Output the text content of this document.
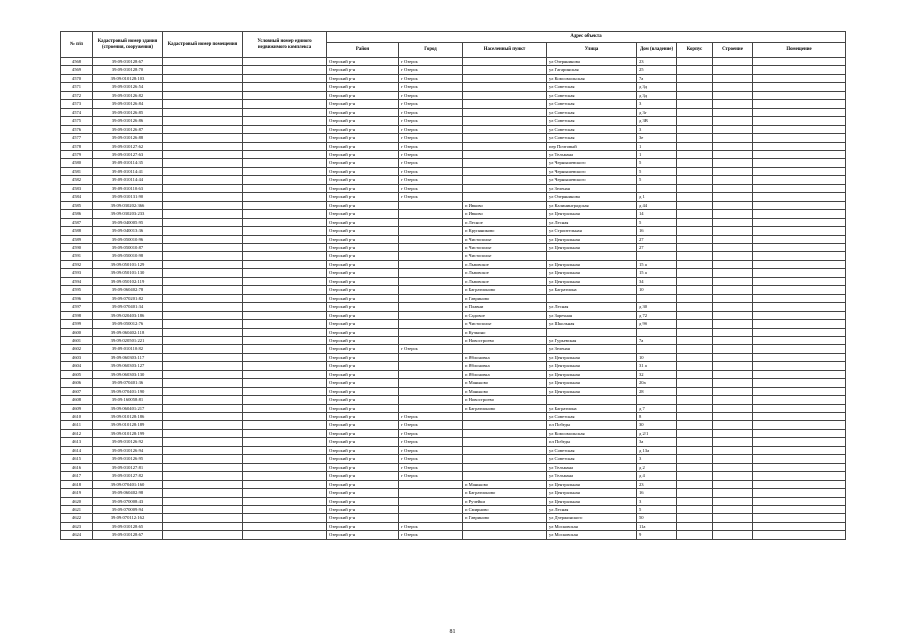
№ п/п	Кадастровый номер здания (строения, сооружения)	Кадастровый номер помещения	Условный номер единого недвижимого комплекса	Адрес объекта							
				Район	Город	Населенный пункт	Улица	Дом (владение)	Корпус	Строение	Помещение
4568	39:09:010128:67			Озерский р-н	г Озерск		ул Озерянинова	23			
4569	39:09:010128:70			Озерский р-н	г Озерск		ул Гагаринская	25			
4570	39:09:010128:103			Озерский р-н	г Озерск		ул Комсомольская	7а			
4571	39:09:010126:54			Озерский р-н	г Озерск		ул Советская	д 3д			
4572	39:09:010126:82			Озерский р-н	г Озерск		ул Советская	д 3д			
4573	39:09:010126:84			Озерский р-н	г Озерск		ул Советская	3			
4574	39:09:010126:85			Озерский р-н	г Озерск		ул Советская	д 3г			
4575	39:09:010126:86			Озерский р-н	г Озерск		ул Советская	д 3В			
4576	39:09:010126:87			Озерский р-н	г Озерск		ул Советская	3			
4577	39:09:010126:88			Озерский р-н	г Озерск		ул Советская	3е			
4578	39:09:010127:62			Озерский р-н	г Озерск		пер Почтовый	1			
4579	39:09:010127:63			Озерский р-н	г Озерск		ул Тельмана	1			
4580	39:09:010114:35			Озерский р-н	г Озерск		ул Чернышевского	5			
4581	39:09:010114:41			Озерский р-н	г Озерск		ул Чернышевского	5			
4582	39:09:010114:44			Озерский р-н	г Озерск		ул Чернышевского	5			
4583	39:09:010110:63			Озерский р-н	г Озерск		ул Зеленая				
4584	39:09:010131:90			Озерский р-н	г Озерск		ул Озерянинова	д 1			
4585	39:09:030202:366			Озерский р-н		п Ивково	ул Калининградская	д 44			
4586	39:09:030203:233			Озерский р-н		п Ивково	ул Центральная	14			
4587	39:09:040005:95			Озерский р-н		п Лесное	ул Лесная	5			
4588	39:09:040013:36			Озерский р-н		п Крупяниково	ул Строительная	16			
4589	39:09:050010:96			Озерский р-н		п Чистополье	ул Центральная	27			
4590	39:09:050010:87			Озерский р-н		п Чистополье	ул Центральная	27			
4591	39:09:050010:98			Озерский р-н		п Чистополье					
4592	39:09:050101:129			Озерский р-н		п Львовское	ул Центральная	15 а			
4593	39:09:050101:130			Озерский р-н		п Львовское	ул Центральная	15 а			
4594	39:09:050102:119			Озерский р-н		п Львовское	ул Центральная	34			
4595	39:09:060402:78			Озерский р-н		п Багратионово	ул Багратиона	10			
4596	39:09:070201:82			Озерский р-н		п Гавриново					
4597	39:09:070401:34			Озерский р-н		п Плавни	ул Лесная	д 30			
4598	39:09:020403:186			Озерский р-н		п Садовое	ул Заречная	д 72			
4599	39:09:050012:76			Озерский р-н		п Чистополье	ул Школьная	д 9б			
4600	39:09:060402:118			Озерский р-н		п Кучкино					
4601	39:09:020501:221			Озерский р-н		п Новостроево	ул Гурьевская	7а			
4602	39:09:010110:82			Озерский р-н	г Озерск		ул Зеленая				
4603	39:09:060303:117			Озерский р-н		п Яблоновка	ул Центральная	10			
4604	39:09:060303:127			Озерский р-н		п Яблоновка	ул Центральная	31 а			
4605	39:09:060303:130			Озерский р-н		п Яблоновка	ул Центральная	32			
4606	39:09:070401:36			Озерский р-н		п Маньково	ул Центральная	20а			
4607	39:09:070401:190			Озерский р-н		п Маньково	ул Центральная	28			
4608	39:09:160058:81			Озерский р-н		п Новостроево					
4609	39:09:060401:217			Озерский р-н		п Багратионово	ул Багратиона	д 7			
4610	39:09:010128:186			Озерский р-н	г Озерск		ул Советская	8			
4611	39:09:010128:189			Озерский р-н	г Озерск		пл Победы	30			
4612	39:09:010128:199			Озерский р-н	г Озерск		ул Комсомольская	д 2/1			
4613	39:09:010126:92			Озерский р-н	г Озерск		пл Победы	3а			
4614	39:09:010126:94			Озерский р-н	г Озерск		ул Советская	д 13а			
4615	39:09:010126:95			Озерский р-н	г Озерск		ул Советская	3			
4616	39:09:010127:81			Озерский р-н	г Озерск		ул Тельмана	д 2			
4617	39:09:010127:82			Озерский р-н	г Озерск		ул Тельмана	д 4			
4618	39:09:070401:160			Озерский р-н		п Маньково	ул Центральная	23			
4619	39:09:060402:98			Озерский р-н		п Багратионово	ул Центральная	16			
4620	39:09:070008:43			Озерский р-н		п Ручейки	ул Центральная	3			
4621	39:09:070009:94			Озерский р-н		п Смирново	ул Лесная	5			
4622	39:09:070112:162			Озерский р-н		п Гавриново	ул Дзержинского	50			
4623	39:09:010128:65			Озерский р-н	г Озерск		ул Московская	11а			
4624	39:09:010128:67			Озерский р-н	г Озерск		ул Московская	9			
81
